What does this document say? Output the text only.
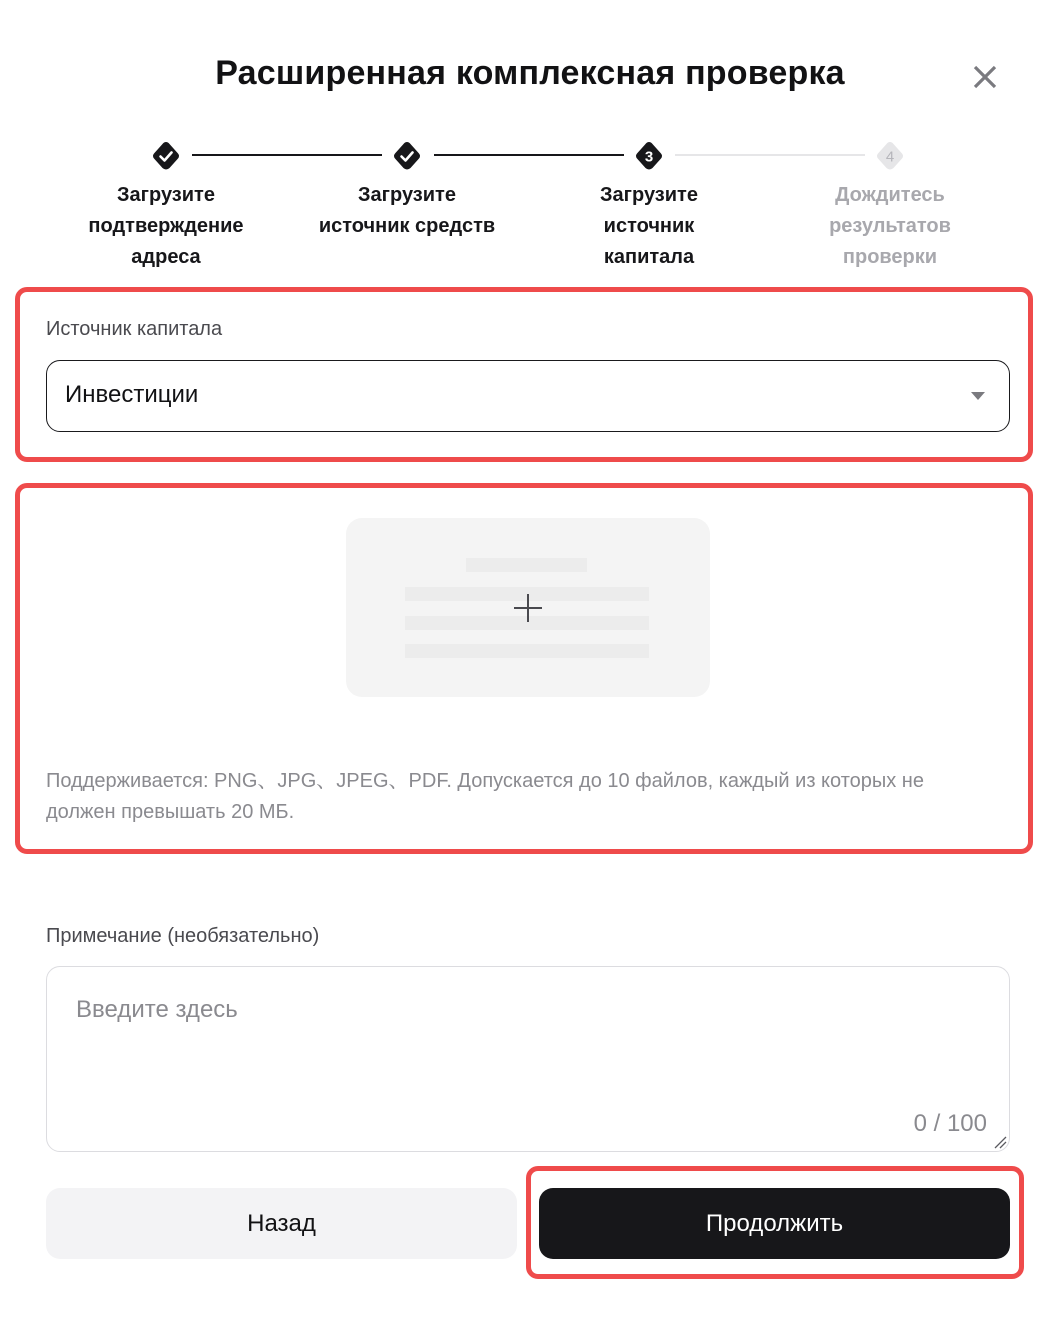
Расширенная комплексная проверка
3	4
Загрузите
подтверждение
адреса
Загрузите
источник средств
Загрузите
источник
капитала
Дождитесь
результатов
проверки
Источник капитала
Инвестиции
Поддерживается: PNG、JPG、JPEG、PDF. Допускается до 10 файлов, каждый из которых не
должен превышать 20 МБ.
Примечание (необязательно)
Введите здесь
0 / 100
Назад	Продолжить
